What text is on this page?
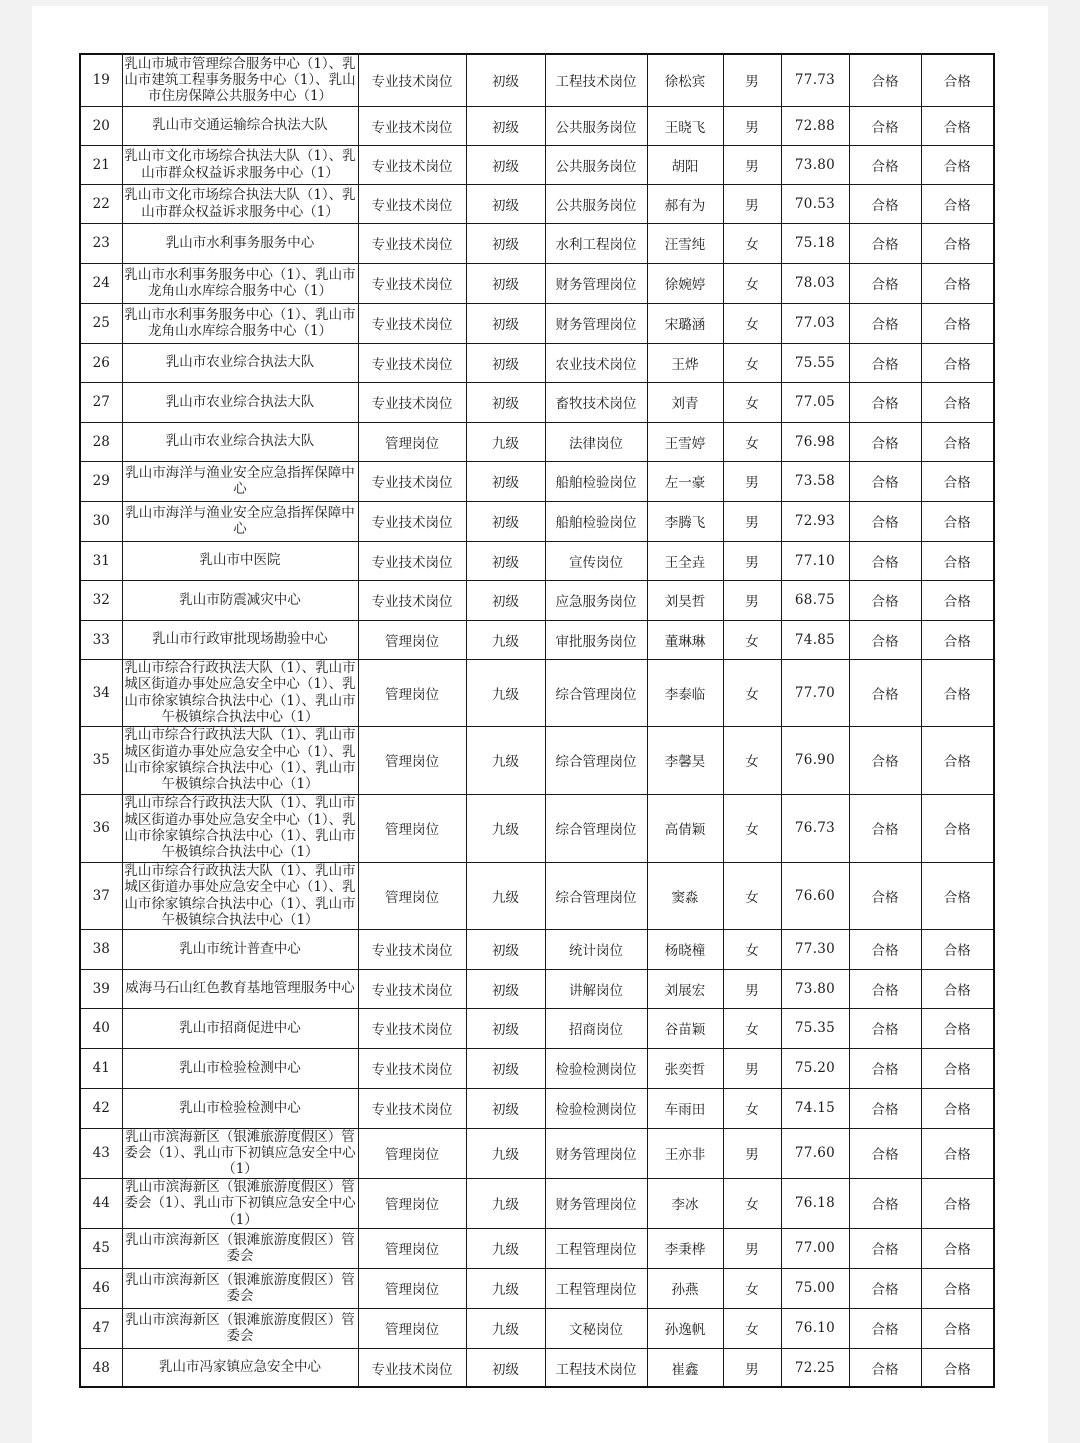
19	乳山市城市管理综合服务中心（1）、乳山市建筑工程事务服务中心（1）、乳山市住房保障公共服务中心（1）	专业技术岗位	初级	工程技术岗位	徐松宾	男	77.73	合格	合格
20	乳山市交通运输综合执法大队	专业技术岗位	初级	公共服务岗位	王晓飞	男	72.88	合格	合格
21	乳山市文化市场综合执法大队（1）、乳山市群众权益诉求服务中心（1）	专业技术岗位	初级	公共服务岗位	胡阳	男	73.80	合格	合格
22	乳山市文化市场综合执法大队（1）、乳山市群众权益诉求服务中心（1）	专业技术岗位	初级	公共服务岗位	郝有为	男	70.53	合格	合格
23	乳山市水利事务服务中心	专业技术岗位	初级	水利工程岗位	汪雪纯	女	75.18	合格	合格
24	乳山市水利事务服务中心（1）、乳山市龙角山水库综合服务中心（1）	专业技术岗位	初级	财务管理岗位	徐婉婷	女	78.03	合格	合格
25	乳山市水利事务服务中心（1）、乳山市龙角山水库综合服务中心（1）	专业技术岗位	初级	财务管理岗位	宋璐涵	女	77.03	合格	合格
26	乳山市农业综合执法大队	专业技术岗位	初级	农业技术岗位	王烨	女	75.55	合格	合格
27	乳山市农业综合执法大队	专业技术岗位	初级	畜牧技术岗位	刘青	女	77.05	合格	合格
28	乳山市农业综合执法大队	管理岗位	九级	法律岗位	王雪婷	女	76.98	合格	合格
29	乳山市海洋与渔业安全应急指挥保障中心	专业技术岗位	初级	船舶检验岗位	左一豪	男	73.58	合格	合格
30	乳山市海洋与渔业安全应急指挥保障中心	专业技术岗位	初级	船舶检验岗位	李腾飞	男	72.93	合格	合格
31	乳山市中医院	专业技术岗位	初级	宣传岗位	王全垚	男	77.10	合格	合格
32	乳山市防震减灾中心	专业技术岗位	初级	应急服务岗位	刘昊哲	男	68.75	合格	合格
33	乳山市行政审批现场勘验中心	管理岗位	九级	审批服务岗位	董琳琳	女	74.85	合格	合格
34	乳山市综合行政执法大队（1）、乳山市城区街道办事处应急安全中心（1）、乳山市徐家镇综合执法中心（1）、乳山市午极镇综合执法中心（1）	管理岗位	九级	综合管理岗位	李泰临	女	77.70	合格	合格
35	乳山市综合行政执法大队（1）、乳山市城区街道办事处应急安全中心（1）、乳山市徐家镇综合执法中心（1）、乳山市午极镇综合执法中心（1）	管理岗位	九级	综合管理岗位	李馨昊	女	76.90	合格	合格
36	乳山市综合行政执法大队（1）、乳山市城区街道办事处应急安全中心（1）、乳山市徐家镇综合执法中心（1）、乳山市午极镇综合执法中心（1）	管理岗位	九级	综合管理岗位	高倩颖	女	76.73	合格	合格
37	乳山市综合行政执法大队（1）、乳山市城区街道办事处应急安全中心（1）、乳山市徐家镇综合执法中心（1）、乳山市午极镇综合执法中心（1）	管理岗位	九级	综合管理岗位	窦淼	女	76.60	合格	合格
38	乳山市统计普查中心	专业技术岗位	初级	统计岗位	杨晓橦	女	77.30	合格	合格
39	威海马石山红色教育基地管理服务中心	专业技术岗位	初级	讲解岗位	刘展宏	男	73.80	合格	合格
40	乳山市招商促进中心	专业技术岗位	初级	招商岗位	谷苗颖	女	75.35	合格	合格
41	乳山市检验检测中心	专业技术岗位	初级	检验检测岗位	张奕哲	男	75.20	合格	合格
42	乳山市检验检测中心	专业技术岗位	初级	检验检测岗位	车雨田	女	74.15	合格	合格
43	乳山市滨海新区（银滩旅游度假区）管委会（1）、乳山市下初镇应急安全中心（1）	管理岗位	九级	财务管理岗位	王亦非	男	77.60	合格	合格
44	乳山市滨海新区（银滩旅游度假区）管委会（1）、乳山市下初镇应急安全中心（1）	管理岗位	九级	财务管理岗位	李冰	女	76.18	合格	合格
45	乳山市滨海新区（银滩旅游度假区）管委会	管理岗位	九级	工程管理岗位	李秉桦	男	77.00	合格	合格
46	乳山市滨海新区（银滩旅游度假区）管委会	管理岗位	九级	工程管理岗位	孙燕	女	75.00	合格	合格
47	乳山市滨海新区（银滩旅游度假区）管委会	管理岗位	九级	文秘岗位	孙逸帆	女	76.10	合格	合格
48	乳山市冯家镇应急安全中心	专业技术岗位	初级	工程技术岗位	崔鑫	男	72.25	合格	合格
